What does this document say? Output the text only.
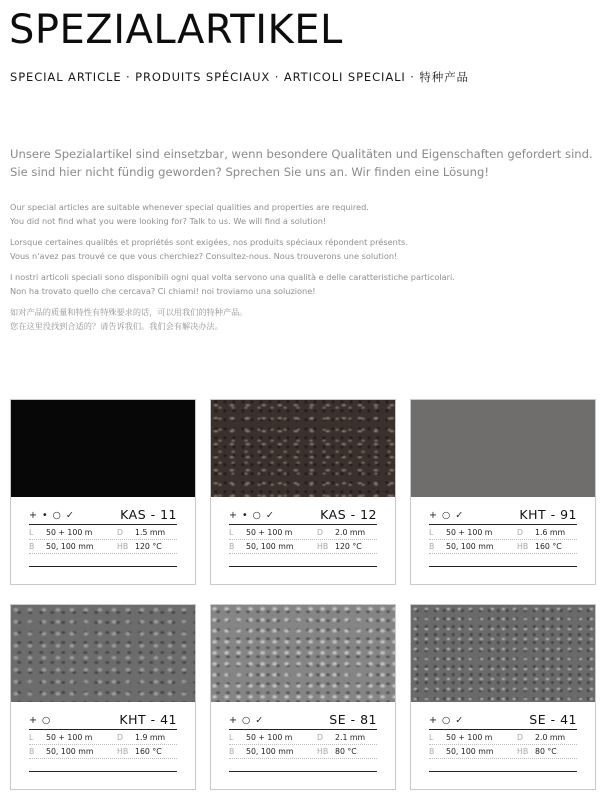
SPEZIALARTIKEL
SPECIAL ARTICLE · PRODUITS SPÉCIAUX · ARTICOLI SPECIALI · 特种产品
Unsere Spezialartikel sind einsetzbar, wenn besondere Qualitäten und Eigenschaften gefordert sind.
Sie sind hier nicht fündig geworden? Sprechen Sie uns an. Wir finden eine Lösung!
Our special articles are suitable whenever special qualities and properties are required.
You did not find what you were looking for? Talk to us. We will find a solution!
Lorsque certaines qualités et propriétés sont exigées, nos produits spéciaux répondent présents.
Vous n'avez pas trouvé ce que vous cherchiez? Consultez-nous. Nous trouverons une solution!
I nostri articoli speciali sono disponibili ogni qual volta servono una qualità e delle caratteristiche particolari.
Non ha trovato quello che cercava? Ci chiami! noi troviamo una soluzione!
如对产品的质量和特性有特殊要求的话，可以用我们的特种产品。
您在这里没找到合适的？请告诉我们。我们会有解决办法。
+ • ○ ✓	KAS - 11
L 50 + 100 m	D 1.5 mm
B 50, 100 mm	HB 120 °C
+ • ○ ✓	KAS - 12
L 50 + 100 m	D 2.0 mm
B 50, 100 mm	HB 120 °C
+ ○ ✓	KHT - 91
L 50 + 100 m	D 1.6 mm
B 50, 100 mm	HB 160 °C
+ ○	KHT - 41
L 50 + 100 m	D 1.9 mm
B 50, 100 mm	HB 160 °C
+ ○ ✓	SE - 81
L 50 + 100 m	D 2.1 mm
B 50, 100 mm	HB 80 °C
+ ○ ✓	SE - 41
L 50 + 100 m	D 2.0 mm
B 50, 100 mm	HB 80 °C
